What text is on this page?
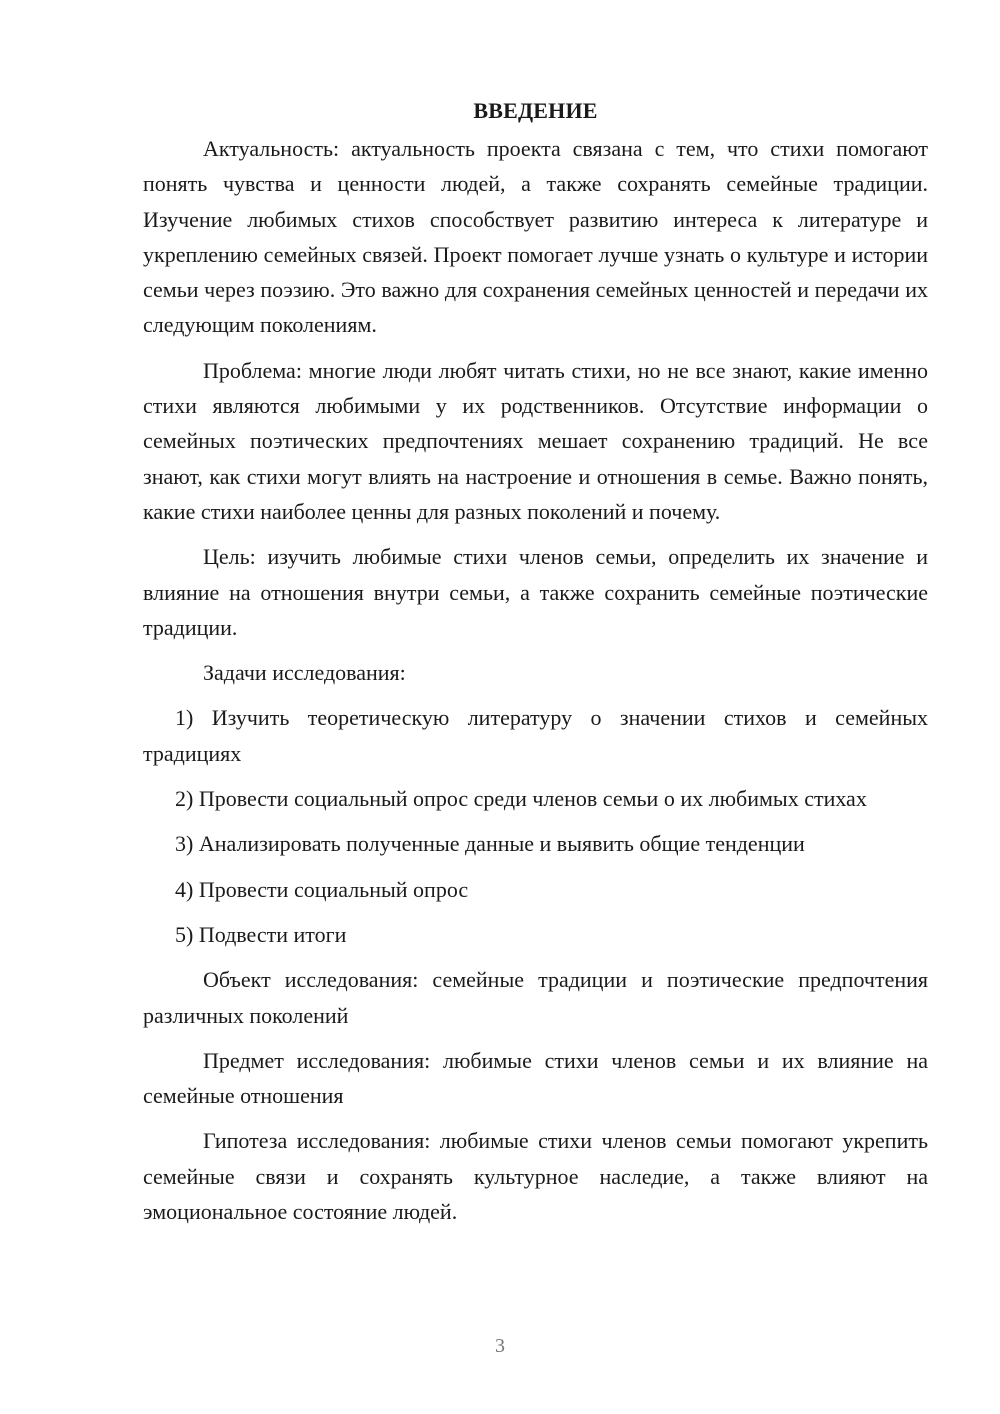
ВВЕДЕНИЕ

Актуальность: актуальность проекта связана с тем, что стихи помогают понять чувства и ценности людей, а также сохранять семейные традиции. Изучение любимых стихов способствует развитию интереса к литературе и укреплению семейных связей. Проект помогает лучше узнать о культуре и истории семьи через поэзию. Это важно для сохранения семейных ценностей и передачи их следующим поколениям.

Проблема: многие люди любят читать стихи, но не все знают, какие именно стихи являются любимыми у их родственников. Отсутствие информации о семейных поэтических предпочтениях мешает сохранению традиций. Не все знают, как стихи могут влиять на настроение и отношения в семье. Важно понять, какие стихи наиболее ценны для разных поколений и почему.

Цель: изучить любимые стихи членов семьи, определить их значение и влияние на отношения внутри семьи, а также сохранить семейные поэтические традиции.

Задачи исследования:

1) Изучить теоретическую литературу о значении стихов и семейных традициях

2) Провести социальный опрос среди членов семьи о их любимых стихах

3) Анализировать полученные данные и выявить общие тенденции

4) Провести социальный опрос

5) Подвести итоги

Объект исследования: семейные традиции и поэтические предпочтения различных поколений

Предмет исследования: любимые стихи членов семьи и их влияние на семейные отношения

Гипотеза исследования: любимые стихи членов семьи помогают укрепить семейные связи и сохранять культурное наследие, а также влияют на эмоциональное состояние людей.

3
